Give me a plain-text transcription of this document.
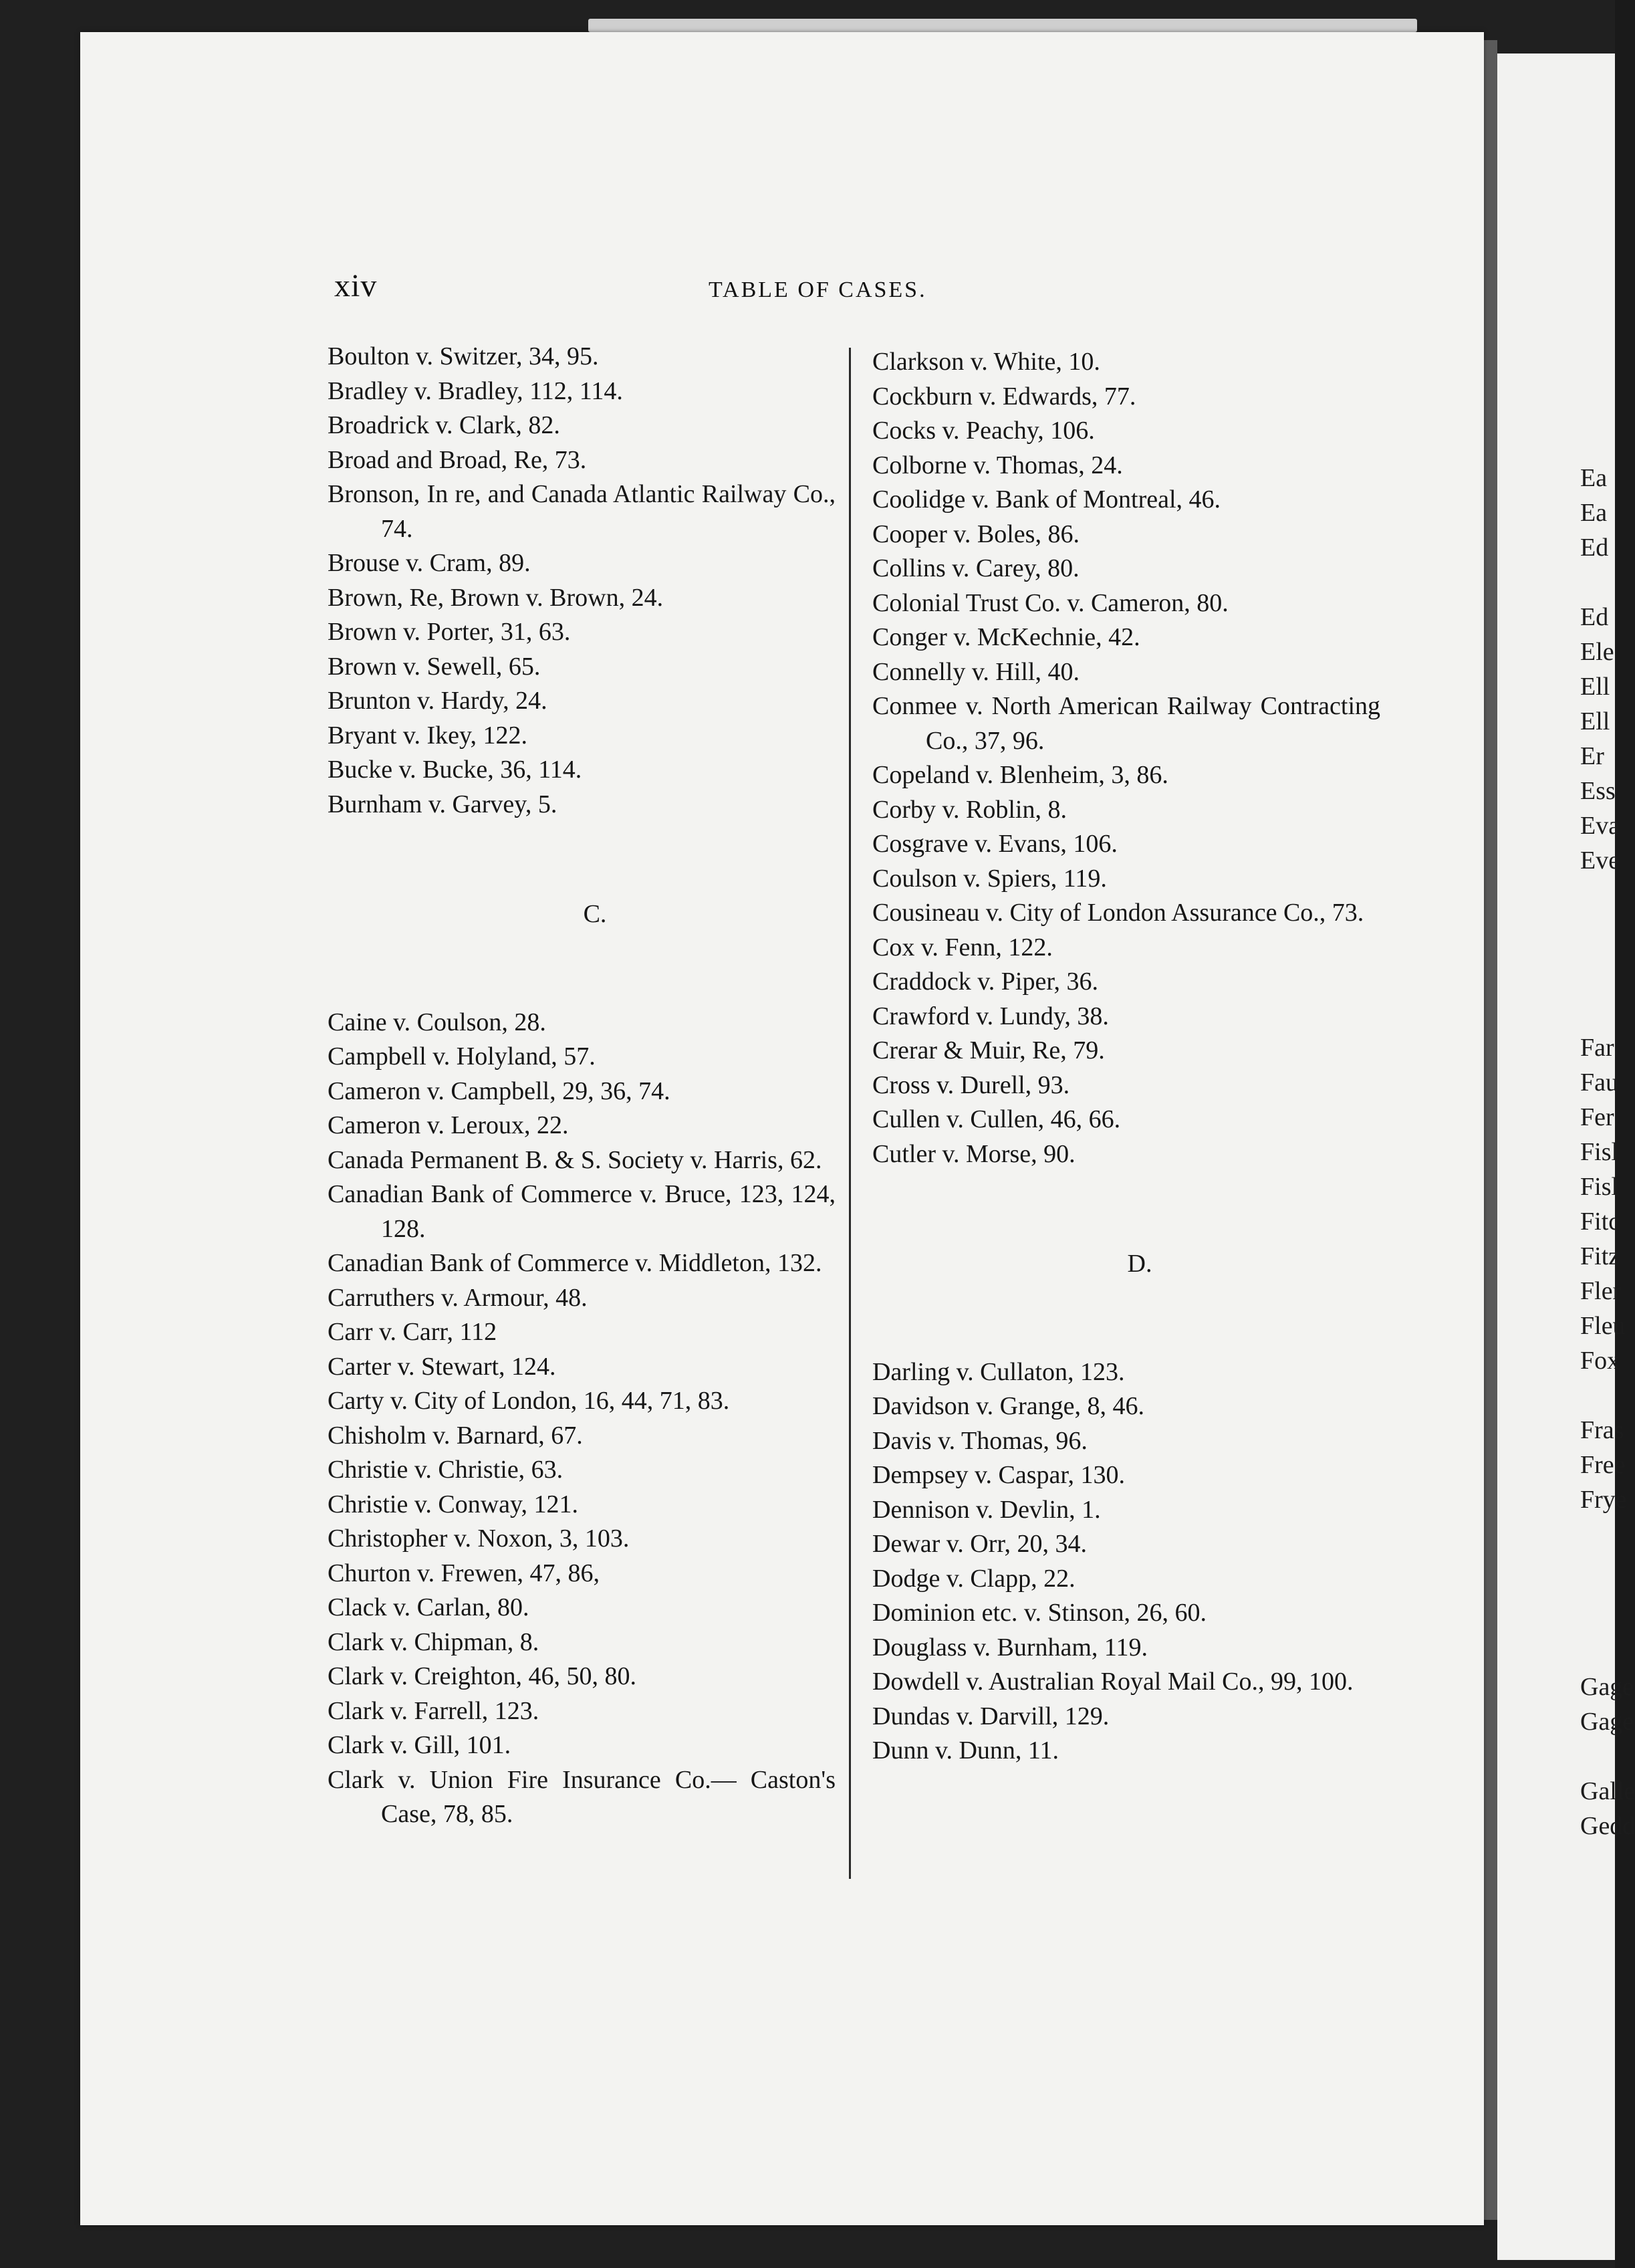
Ea
Ea
Ed
Ed
Ele
Ell
Ell
Er
Ess
Eva
Eve
Far
Fau
Fer
Fisl
Fisl
Fitc
Fitz
Fler
Fleu
Fox
Fras
Free
Frye
Gage
Gage
Galle
Gedd
xiv	TABLE OF CASES.
Boulton v. Switzer, 34, 95.
Bradley v. Bradley, 112, 114.
Broadrick v. Clark, 82.
Broad and Broad, Re, 73.
Bronson, In re, and Canada Atlantic Railway Co., 74.
Brouse v. Cram, 89.
Brown, Re, Brown v. Brown, 24.
Brown v. Porter, 31, 63.
Brown v. Sewell, 65.
Brunton v. Hardy, 24.
Bryant v. Ikey, 122.
Bucke v. Bucke, 36, 114.
Burnham v. Garvey, 5.
C.
Caine v. Coulson, 28.
Campbell v. Holyland, 57.
Cameron v. Campbell, 29, 36, 74.
Cameron v. Leroux, 22.
Canada Permanent B. & S. Society v. Harris, 62.
Canadian Bank of Commerce v. Bruce, 123, 124, 128.
Canadian Bank of Commerce v. Middleton, 132.
Carruthers v. Armour, 48.
Carr v. Carr, 112
Carter v. Stewart, 124.
Carty v. City of London, 16, 44, 71, 83.
Chisholm v. Barnard, 67.
Christie v. Christie, 63.
Christie v. Conway, 121.
Christopher v. Noxon, 3, 103.
Churton v. Frewen, 47, 86,
Clack v. Carlan, 80.
Clark v. Chipman, 8.
Clark v. Creighton, 46, 50, 80.
Clark v. Farrell, 123.
Clark v. Gill, 101.
Clark v. Union Fire Insurance Co.— Caston's Case, 78, 85.
Clarkson v. White, 10.
Cockburn v. Edwards, 77.
Cocks v. Peachy, 106.
Colborne v. Thomas, 24.
Coolidge v. Bank of Montreal, 46.
Cooper v. Boles, 86.
Collins v. Carey, 80.
Colonial Trust Co. v. Cameron, 80.
Conger v. McKechnie, 42.
Connelly v. Hill, 40.
Conmee v. North American Railway Contracting Co., 37, 96.
Copeland v. Blenheim, 3, 86.
Corby v. Roblin, 8.
Cosgrave v. Evans, 106.
Coulson v. Spiers, 119.
Cousineau v. City of London Assurance Co., 73.
Cox v. Fenn, 122.
Craddock v. Piper, 36.
Crawford v. Lundy, 38.
Crerar & Muir, Re, 79.
Cross v. Durell, 93.
Cullen v. Cullen, 46, 66.
Cutler v. Morse, 90.
D.
Darling v. Cullaton, 123.
Davidson v. Grange, 8, 46.
Davis v. Thomas, 96.
Dempsey v. Caspar, 130.
Dennison v. Devlin, 1.
Dewar v. Orr, 20, 34.
Dodge v. Clapp, 22.
Dominion etc. v. Stinson, 26, 60.
Douglass v. Burnham, 119.
Dowdell v. Australian Royal Mail Co., 99, 100.
Dundas v. Darvill, 129.
Dunn v. Dunn, 11.
